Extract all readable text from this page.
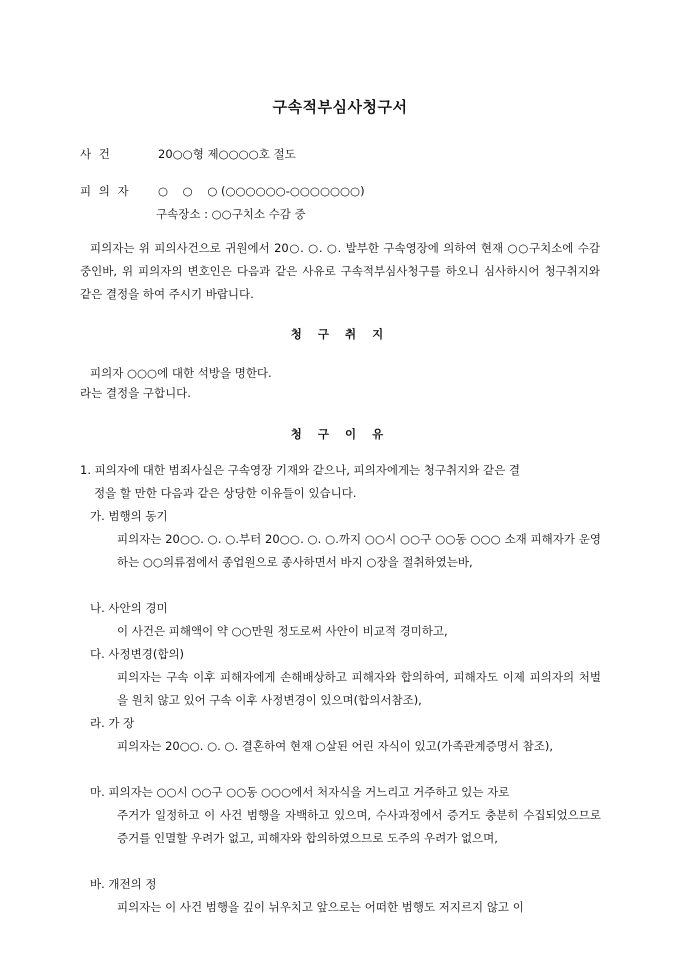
구속적부심사청구서
사 건	20○○형 제○○○○호 절도
피 의 자 ○    ○    ○ (○○○○○○-○○○○○○○)
구속장소 : ○○구치소 수감 중
피의자는 위 피의사건으로 귀원에서 20○. ○. ○. 발부한 구속영장에 의하여 현재 ○○구치소에 수감 중인바, 위 피의자의 변호인은 다음과 같은 사유로 구속적부심사청구를 하오니 심사하시어 청구취지와 같은 결정을 하여 주시기 바랍니다.
청 구 취 지
피의자 ○○○에 대한 석방을 명한다.
라는 결정을 구합니다.
청 구 이 유
1. 피의자에 대한 범죄사실은 구속영장 기재와 같으나, 피의자에게는 청구취지와 같은 결
정을 할 만한 다음과 같은 상당한 이유들이 있습니다.
가. 범행의 동기
피의자는 20○○. ○. ○.부터 20○○. ○. ○.까지 ○○시 ○○구 ○○동 ○○○ 소재 피해자가 운영하는 ○○의류점에서 종업원으로 종사하면서 바지 ○장을 절취하였는바,
나. 사안의 경미
이 사건은 피해액이 약 ○○만원 정도로써 사안이 비교적 경미하고,
다. 사정변경(합의)
피의자는 구속 이후 피해자에게 손해배상하고 피해자와 합의하여, 피해자도 이제 피의자의 처벌을 원치 않고 있어 구속 이후 사정변경이 있으며(합의서참조),
라. 가 장
피의자는 20○○. ○. ○. 결혼하여 현재 ○살된 어린 자식이 있고(가족관계증명서 참조),
마. 피의자는 ○○시 ○○구 ○○동 ○○○에서 처자식을 거느리고 거주하고 있는 자로
주거가 일정하고 이 사건 범행을 자백하고 있으며, 수사과정에서 증거도 충분히 수집되었으므로 증거를 인멸할 우려가 없고, 피해자와 합의하였으므로 도주의 우려가 없으며,
바. 개전의 정
피의자는 이 사건 범행을 깊이 뉘우치고 앞으로는 어떠한 범행도 저지르지 않고 이
